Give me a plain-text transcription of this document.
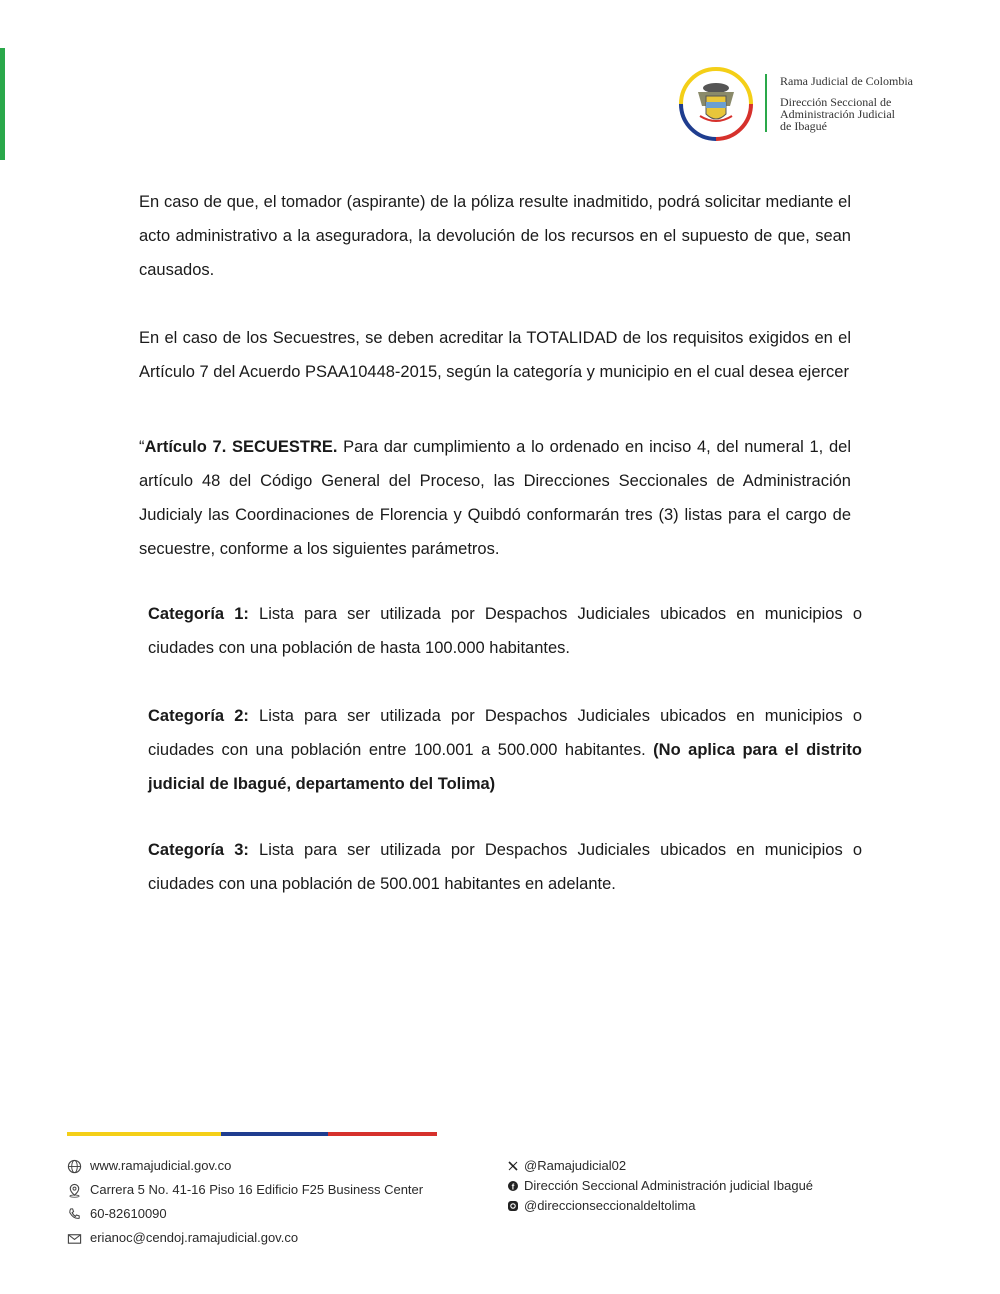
Rama Judicial de Colombia
Dirección Seccional de
Administración Judicial
de Ibagué

En caso de que, el tomador (aspirante) de la póliza resulte inadmitido, podrá solicitar mediante el acto administrativo a la aseguradora, la devolución de los recursos en el supuesto de que, sean causados.

En el caso de los Secuestres, se deben acreditar la TOTALIDAD de los requisitos exigidos en el Artículo 7 del Acuerdo PSAA10448-2015, según la categoría y municipio en el cual desea ejercer

“Artículo 7. SECUESTRE. Para dar cumplimiento a lo ordenado en inciso 4, del numeral 1, del artículo 48 del Código General del Proceso, las Direcciones Seccionales de Administración Judicialy las Coordinaciones de Florencia y Quibdó conformarán tres (3) listas para el cargo de secuestre, conforme a los siguientes parámetros.

Categoría 1: Lista para ser utilizada por Despachos Judiciales ubicados en municipios o ciudades con una población de hasta 100.000 habitantes.

Categoría 2: Lista para ser utilizada por Despachos Judiciales ubicados en municipios o ciudades con una población entre 100.001 a 500.000 habitantes. (No aplica para el distrito judicial de Ibagué, departamento del Tolima)

Categoría 3: Lista para ser utilizada por Despachos Judiciales ubicados en municipios o ciudades con una población de 500.001 habitantes en adelante.

www.ramajudicial.gov.co
Carrera 5 No. 41-16 Piso 16 Edificio F25 Business Center
60-82610090
erianoc@cendoj.ramajudicial.gov.co
@Ramajudicial02
f Dirección Seccional Administración judicial Ibagué
@direccionseccionaldeltolima
